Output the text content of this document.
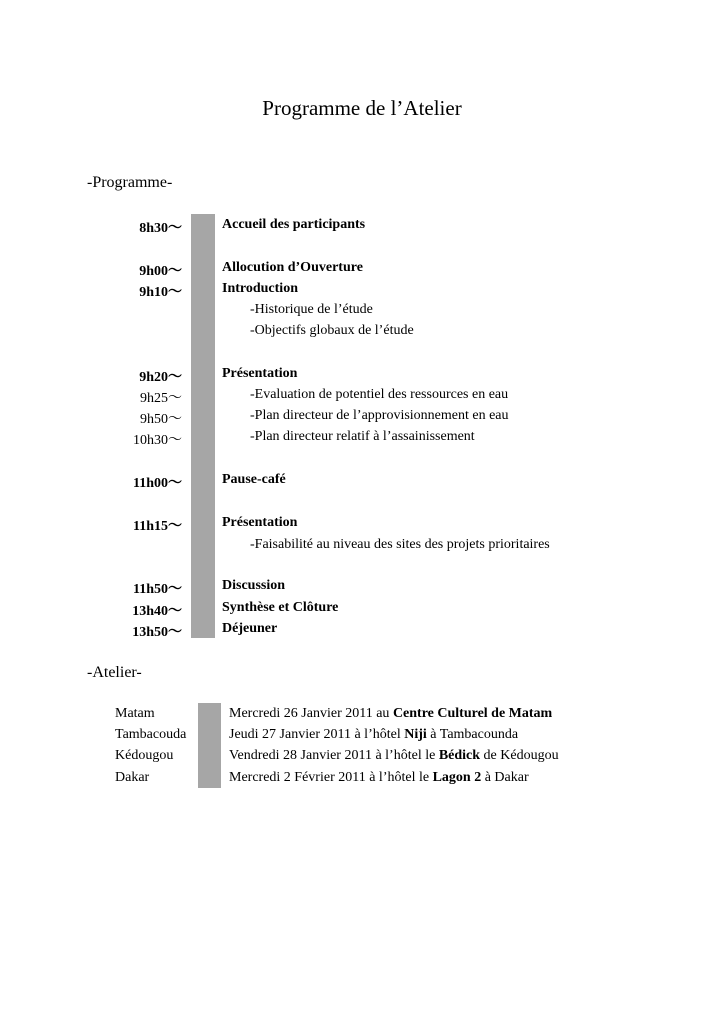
Programme de l’Atelier
-Programme-
8h30〜	Accueil des participants
9h00〜	Allocution d’Ouverture
9h10〜	Introduction
-Historique de l’étude
-Objectifs globaux de l’étude
9h20〜	Présentation
9h25〜	-Evaluation de potentiel des ressources en eau
9h50〜	-Plan directeur de l’approvisionnement en eau
10h30〜	-Plan directeur relatif à l’assainissement
11h00〜	Pause-café
11h15〜	Présentation
-Faisabilité au niveau des sites des projets prioritaires
11h50〜	Discussion
13h40〜	Synthèse et Clôture
13h50〜	Déjeuner
-Atelier-
Matam	Mercredi 26 Janvier 2011 au Centre Culturel de Matam
Tambacouda	Jeudi 27 Janvier 2011 à l’hôtel Niji à Tambacounda
Kédougou	Vendredi 28 Janvier 2011 à l’hôtel le Bédick de Kédougou
Dakar	Mercredi 2 Février 2011 à l’hôtel le Lagon 2 à Dakar
